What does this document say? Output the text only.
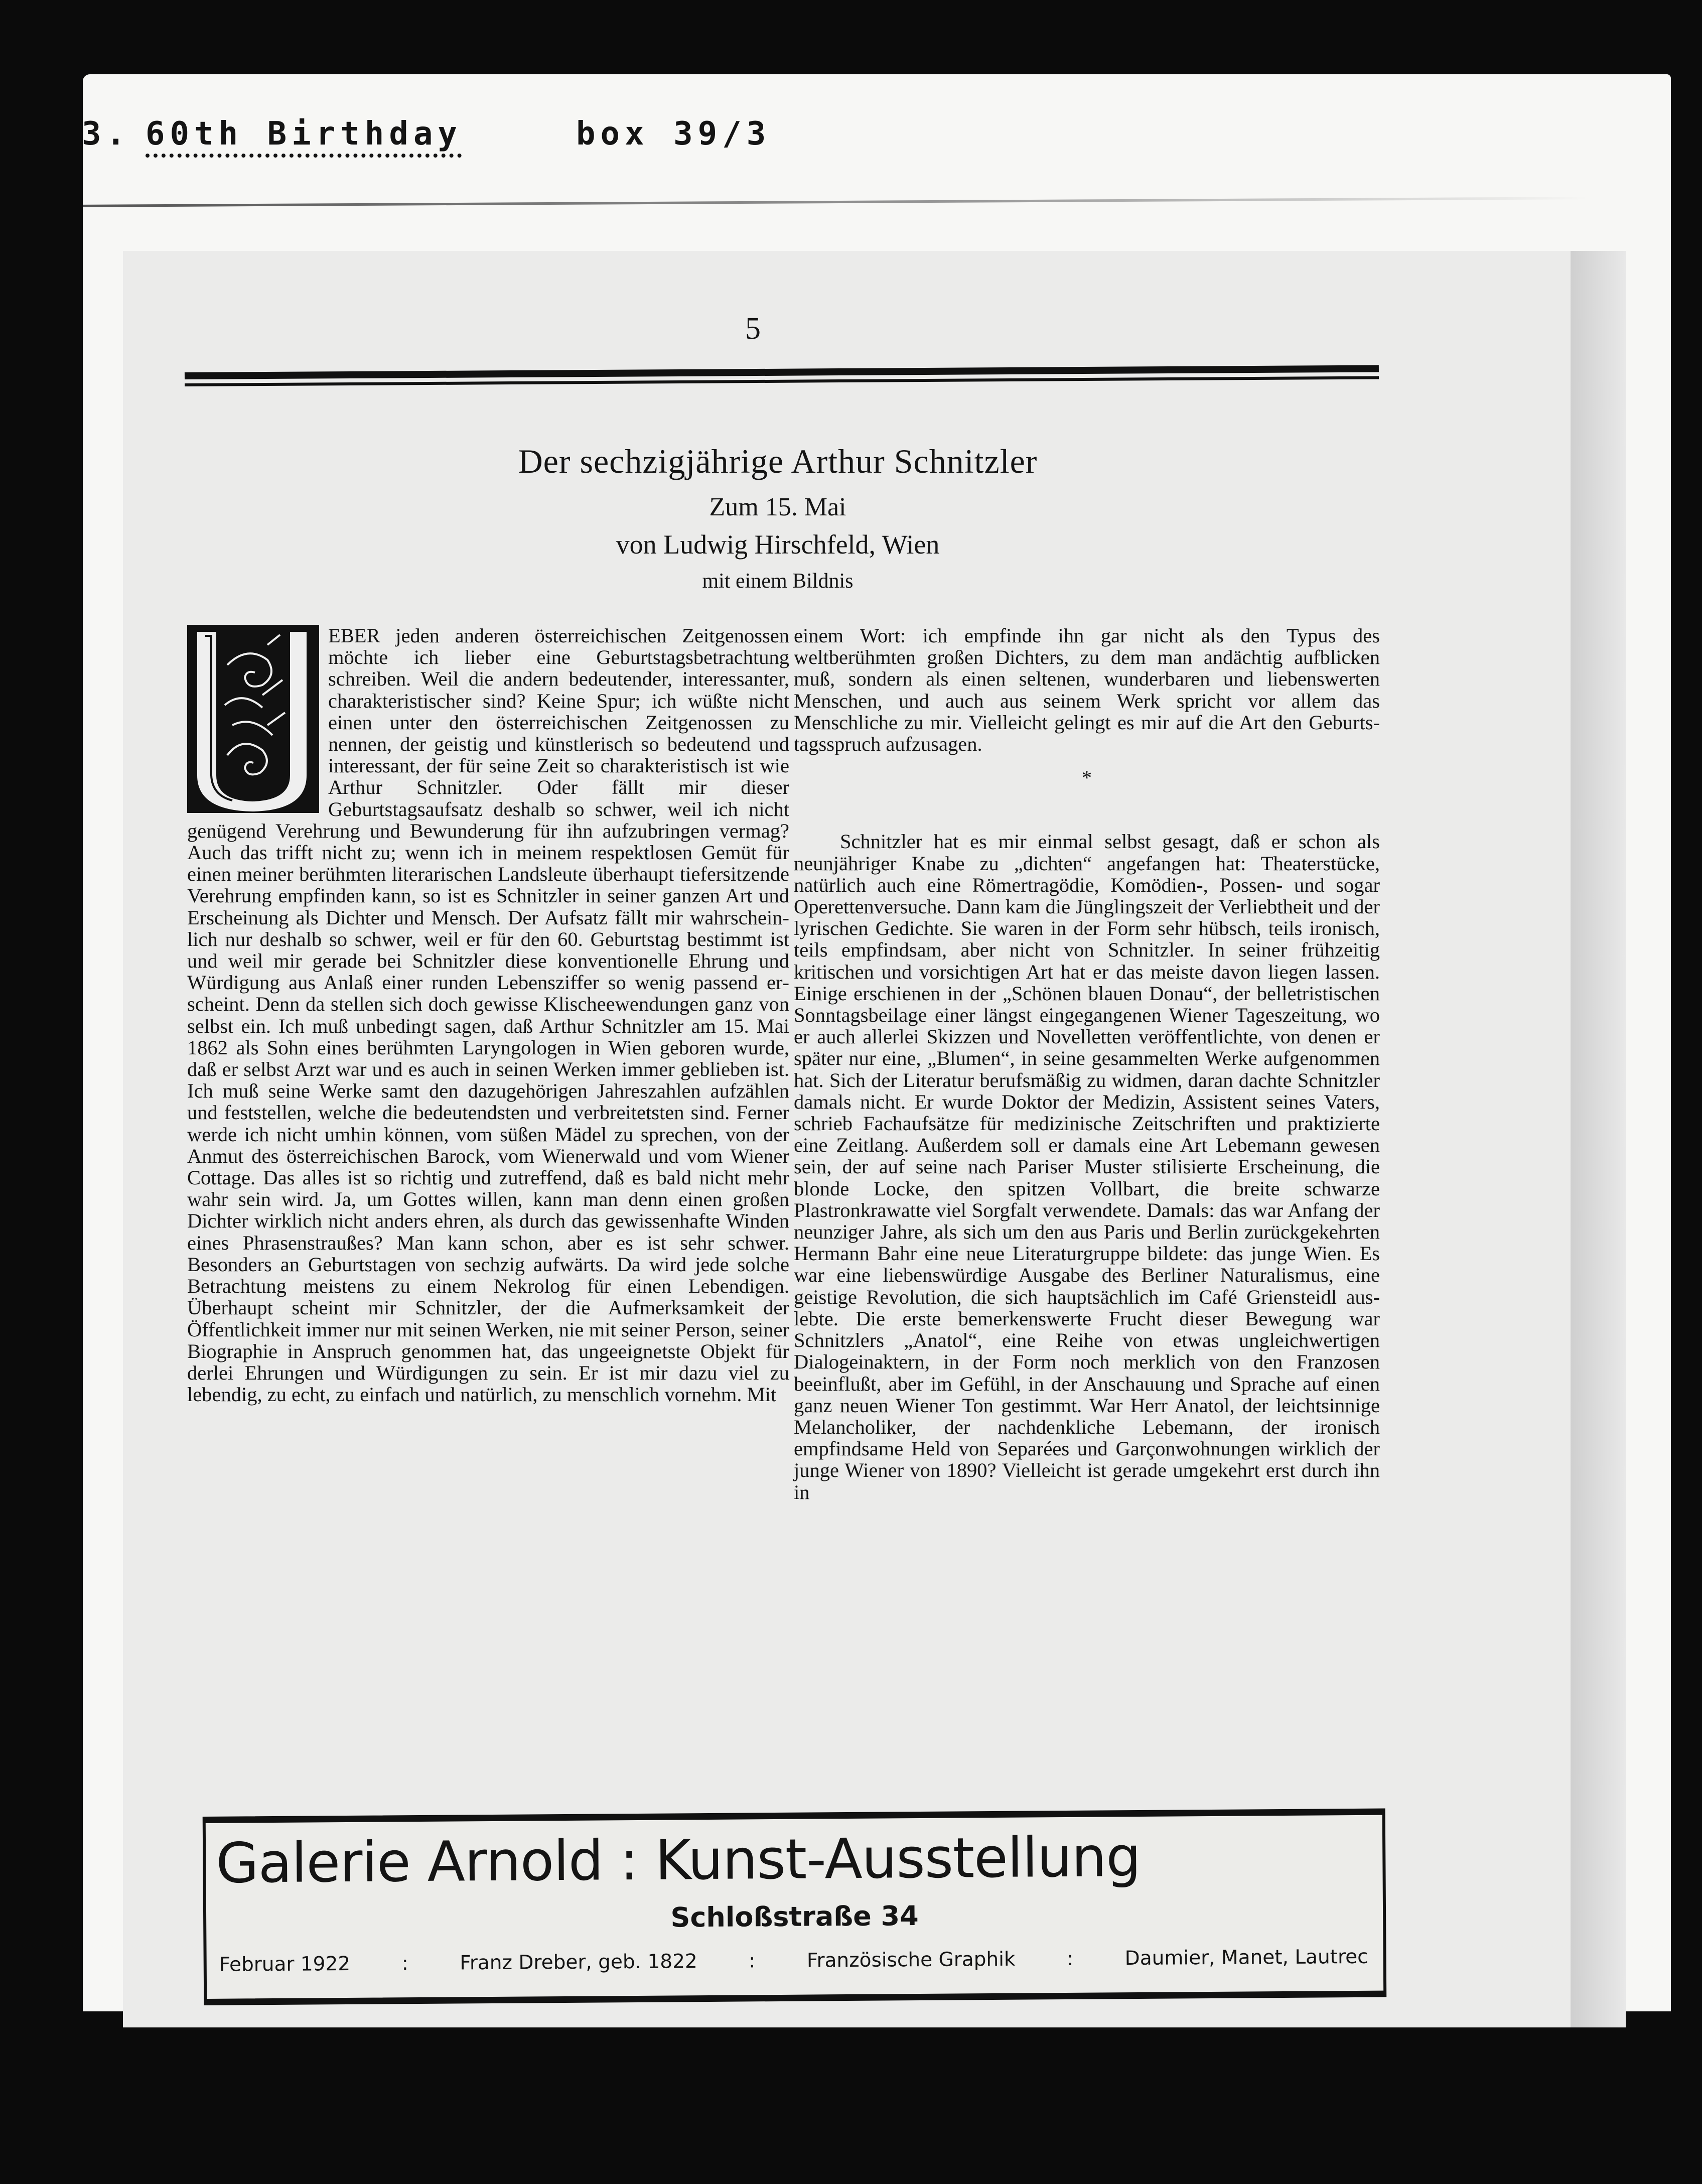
3. 60th Birthday	box 39/3
5
Der sechzigjährige Arthur Schnitzler
Zum 15. Mai
von Ludwig Hirschfeld, Wien
mit einem Bildnis

EBER jeden anderen österreichischen Zeitgenossen möchte ich lieber eine Geburtstagsbetrachtung schreiben. Weil die andern bedeutender, interessanter, charakteristischer sind? Keine Spur; ich wüßte nicht einen unter den österreichischen Zeitgenossen zu nennen, der geistig und künstlerisch so bedeutend und interessant, der für seine Zeit so charakteristisch ist wie Arthur Schnitzler. Oder fällt mir dieser Geburtstagsaufsatz deshalb so schwer, weil ich nicht genügend Verehrung und Bewunderung für ihn aufzubringen vermag? Auch das trifft nicht zu; wenn ich in meinem respektlosen Gemüt für einen meiner berühmten literarischen Landsleute überhaupt tiefersitzende Verehrung empfinden kann, so ist es Schnitzler in seiner ganzen Art und Erscheinung als Dichter und Mensch. Der Aufsatz fällt mir wahrscheinlich nur deshalb so schwer, weil er für den 60. Geburtstag bestimmt ist und weil mir gerade bei Schnitzler diese konventionelle Ehrung und Würdigung aus Anlaß einer runden Lebensziffer so wenig passend erscheint. Denn da stellen sich doch gewisse Klischeewendungen ganz von selbst ein. Ich muß unbedingt sagen, daß Arthur Schnitzler am 15. Mai 1862 als Sohn eines berühmten Laryngologen in Wien geboren wurde, daß er selbst Arzt war und es auch in seinen Werken immer geblieben ist. Ich muß seine Werke samt den dazugehörigen Jahreszahlen aufzählen und feststellen, welche die bedeutendsten und verbreitetsten sind. Ferner werde ich nicht umhin können, vom süßen Mädel zu sprechen, von der Anmut des österreichischen Barock, vom Wienerwald und vom Wiener Cottage. Das alles ist so richtig und zutreffend, daß es bald nicht mehr wahr sein wird. Ja, um Gottes willen, kann man denn einen großen Dichter wirklich nicht anders ehren, als durch das gewissenhafte Winden eines Phrasenstraußes? Man kann schon, aber es ist sehr schwer. Besonders an Geburtstagen von sechzig aufwärts. Da wird jede solche Betrachtung meistens zu einem Nekrolog für einen Lebendigen. Überhaupt scheint mir Schnitzler, der die Aufmerksamkeit der Öffentlichkeit immer nur mit seinen Werken, nie mit seiner Person, seiner Biographie in Anspruch genommen hat, das ungeeignetste Objekt für derlei Ehrungen und Würdigungen zu sein. Er ist mir dazu viel zu lebendig, zu echt, zu einfach und natürlich, zu menschlich vornehm. Mit

einem Wort: ich empfinde ihn gar nicht als den Typus des weltberühmten großen Dichters, zu dem man andächtig aufblicken muß, sondern als einen seltenen, wunderbaren und liebenswerten Menschen, und auch aus seinem Werk spricht vor allem das Menschliche zu mir. Vielleicht gelingt es mir auf die Art den Geburtstagsspruch aufzusagen.

*

Schnitzler hat es mir einmal selbst gesagt, daß er schon als neunjähriger Knabe zu „dichten“ angefangen hat: Theaterstücke, natürlich auch eine Römertragödie, Komödien-, Possen- und sogar Operettenversuche. Dann kam die Jünglingszeit der Verliebtheit und der lyrischen Gedichte. Sie waren in der Form sehr hübsch, teils ironisch, teils empfindsam, aber nicht von Schnitzler. In seiner frühzeitig kritischen und vorsichtigen Art hat er das meiste davon liegen lassen. Einige erschienen in der „Schönen blauen Donau“, der belletristischen Sonntagsbeilage einer längst eingegangenen Wiener Tageszeitung, wo er auch allerlei Skizzen und Novelletten veröffentlichte, von denen er später nur eine, „Blumen“, in seine gesammelten Werke aufgenommen hat. Sich der Literatur berufsmäßig zu widmen, daran dachte Schnitzler damals nicht. Er wurde Doktor der Medizin, Assistent seines Vaters, schrieb Fachaufsätze für medizinische Zeitschriften und praktizierte eine Zeitlang. Außerdem soll er damals eine Art Lebemann gewesen sein, der auf seine nach Pariser Muster stilisierte Erscheinung, die blonde Locke, den spitzen Vollbart, die breite schwarze Plastronkrawatte viel Sorgfalt verwendete. Damals: das war Anfang der neunziger Jahre, als sich um den aus Paris und Berlin zurückgekehrten Hermann Bahr eine neue Literaturgruppe bildete: das junge Wien. Es war eine liebenswürdige Ausgabe des Berliner Naturalismus, eine geistige Revolution, die sich hauptsächlich im Café Griensteidl auslebte. Die erste bemerkenswerte Frucht dieser Bewegung war Schnitzlers „Anatol“, eine Reihe von etwas ungleichwertigen Dialogeinaktern, in der Form noch merklich von den Franzosen beeinflußt, aber im Gefühl, in der Anschauung und Sprache auf einen ganz neuen Wiener Ton gestimmt. War Herr Anatol, der leichtsinnige Melancholiker, der nachdenkliche Lebemann, der ironisch empfindsame Held von Separées und Garçonwohnungen wirklich der junge Wiener von 1890? Vielleicht ist gerade umgekehrt erst durch ihn in

Galerie Arnold : Kunst-Ausstellung
Schloßstraße 34
Februar 1922	:	Franz Dreber, geb. 1822	:	Französische Graphik	:	Daumier, Manet, Lautrec
